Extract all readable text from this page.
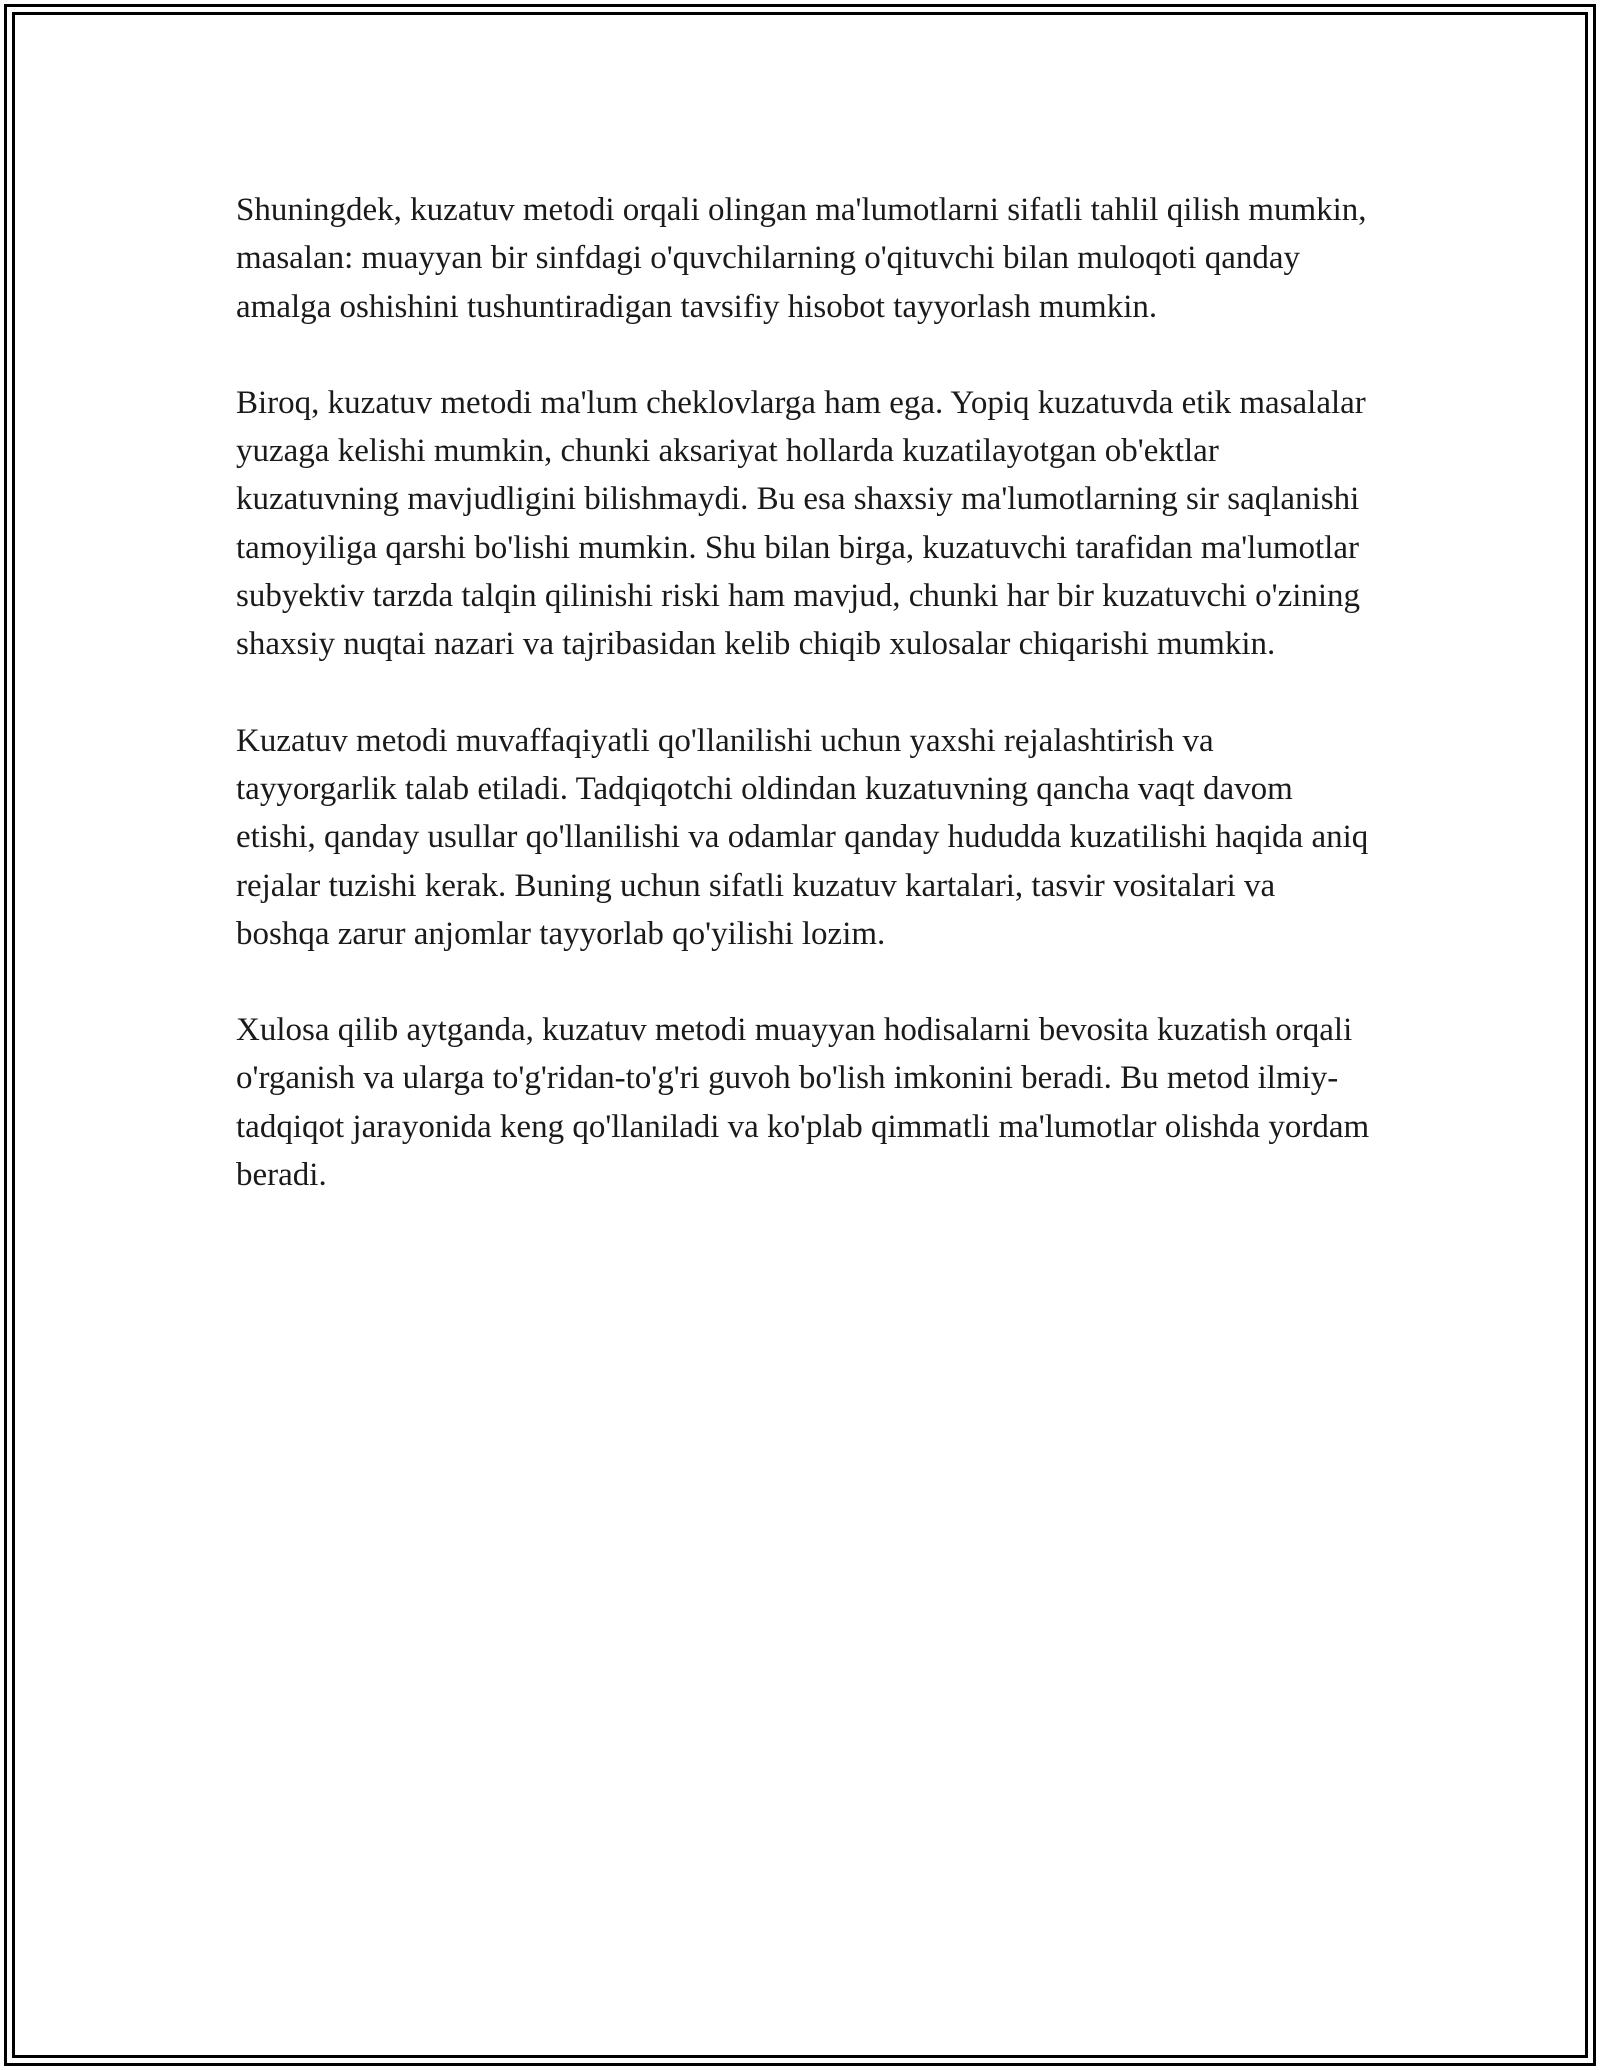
Shuningdek, kuzatuv metodi orqali olingan ma'lumotlarni sifatli tahlil qilish mumkin, masalan: muayyan bir sinfdagi o'quvchilarning o'qituvchi bilan muloqoti qanday amalga oshishini tushuntiradigan tavsifiy hisobot tayyorlash mumkin.

Biroq, kuzatuv metodi ma'lum cheklovlarga ham ega. Yopiq kuzatuvda etik masalalar yuzaga kelishi mumkin, chunki aksariyat hollarda kuzatilayotgan ob'ektlar kuzatuvning mavjudligini bilishmaydi. Bu esa shaxsiy ma'lumotlarning sir saqlanishi tamoyiliga qarshi bo'lishi mumkin. Shu bilan birga, kuzatuvchi tarafidan ma'lumotlar subyektiv tarzda talqin qilinishi riski ham mavjud, chunki har bir kuzatuvchi o'zining shaxsiy nuqtai nazari va tajribasidan kelib chiqib xulosalar chiqarishi mumkin.

Kuzatuv metodi muvaffaqiyatli qo'llanilishi uchun yaxshi rejalashtirish va tayyorgarlik talab etiladi. Tadqiqotchi oldindan kuzatuvning qancha vaqt davom etishi, qanday usullar qo'llanilishi va odamlar qanday hududda kuzatilishi haqida aniq rejalar tuzishi kerak. Buning uchun sifatli kuzatuv kartalari, tasvir vositalari va boshqa zarur anjomlar tayyorlab qo'yilishi lozim.

Xulosa qilib aytganda, kuzatuv metodi muayyan hodisalarni bevosita kuzatish orqali o'rganish va ularga to'g'ridan-to'g'ri guvoh bo'lish imkonini beradi. Bu metod ilmiy-tadqiqot jarayonida keng qo'llaniladi va ko'plab qimmatli ma'lumotlar olishda yordam beradi.
